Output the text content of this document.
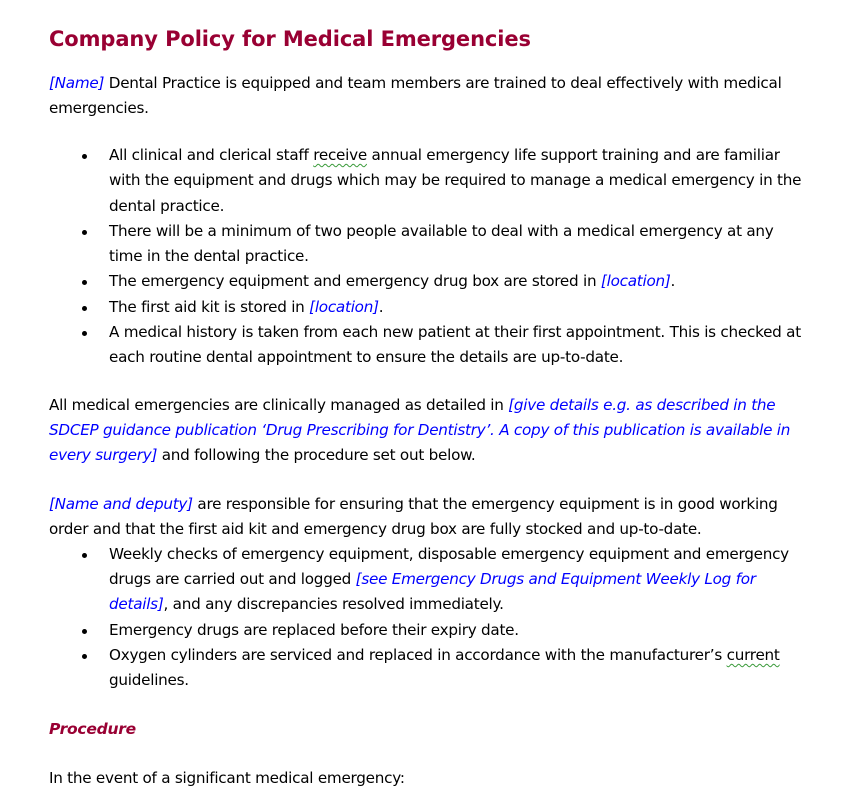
Company Policy for Medical Emergencies

[Name] Dental Practice is equipped and team members are trained to deal effectively with medical emergencies.

All clinical and clerical staff receive annual emergency life support training and are familiar with the equipment and drugs which may be required to manage a medical emergency in the dental practice.
There will be a minimum of two people available to deal with a medical emergency at any time in the dental practice.
The emergency equipment and emergency drug box are stored in [location].
The first aid kit is stored in [location].
A medical history is taken from each new patient at their first appointment. This is checked at each routine dental appointment to ensure the details are up-to-date.

All medical emergencies are clinically managed as detailed in [give details e.g. as described in the SDCEP guidance publication ‘Drug Prescribing for Dentistry’. A copy of this publication is available in every surgery] and following the procedure set out below.

[Name and deputy] are responsible for ensuring that the emergency equipment is in good working order and that the first aid kit and emergency drug box are fully stocked and up-to-date.

Weekly checks of emergency equipment, disposable emergency equipment and emergency drugs are carried out and logged [see Emergency Drugs and Equipment Weekly Log for details], and any discrepancies resolved immediately.
Emergency drugs are replaced before their expiry date.
Oxygen cylinders are serviced and replaced in accordance with the manufacturer’s current guidelines.
Procedure

In the event of a significant medical emergency:
